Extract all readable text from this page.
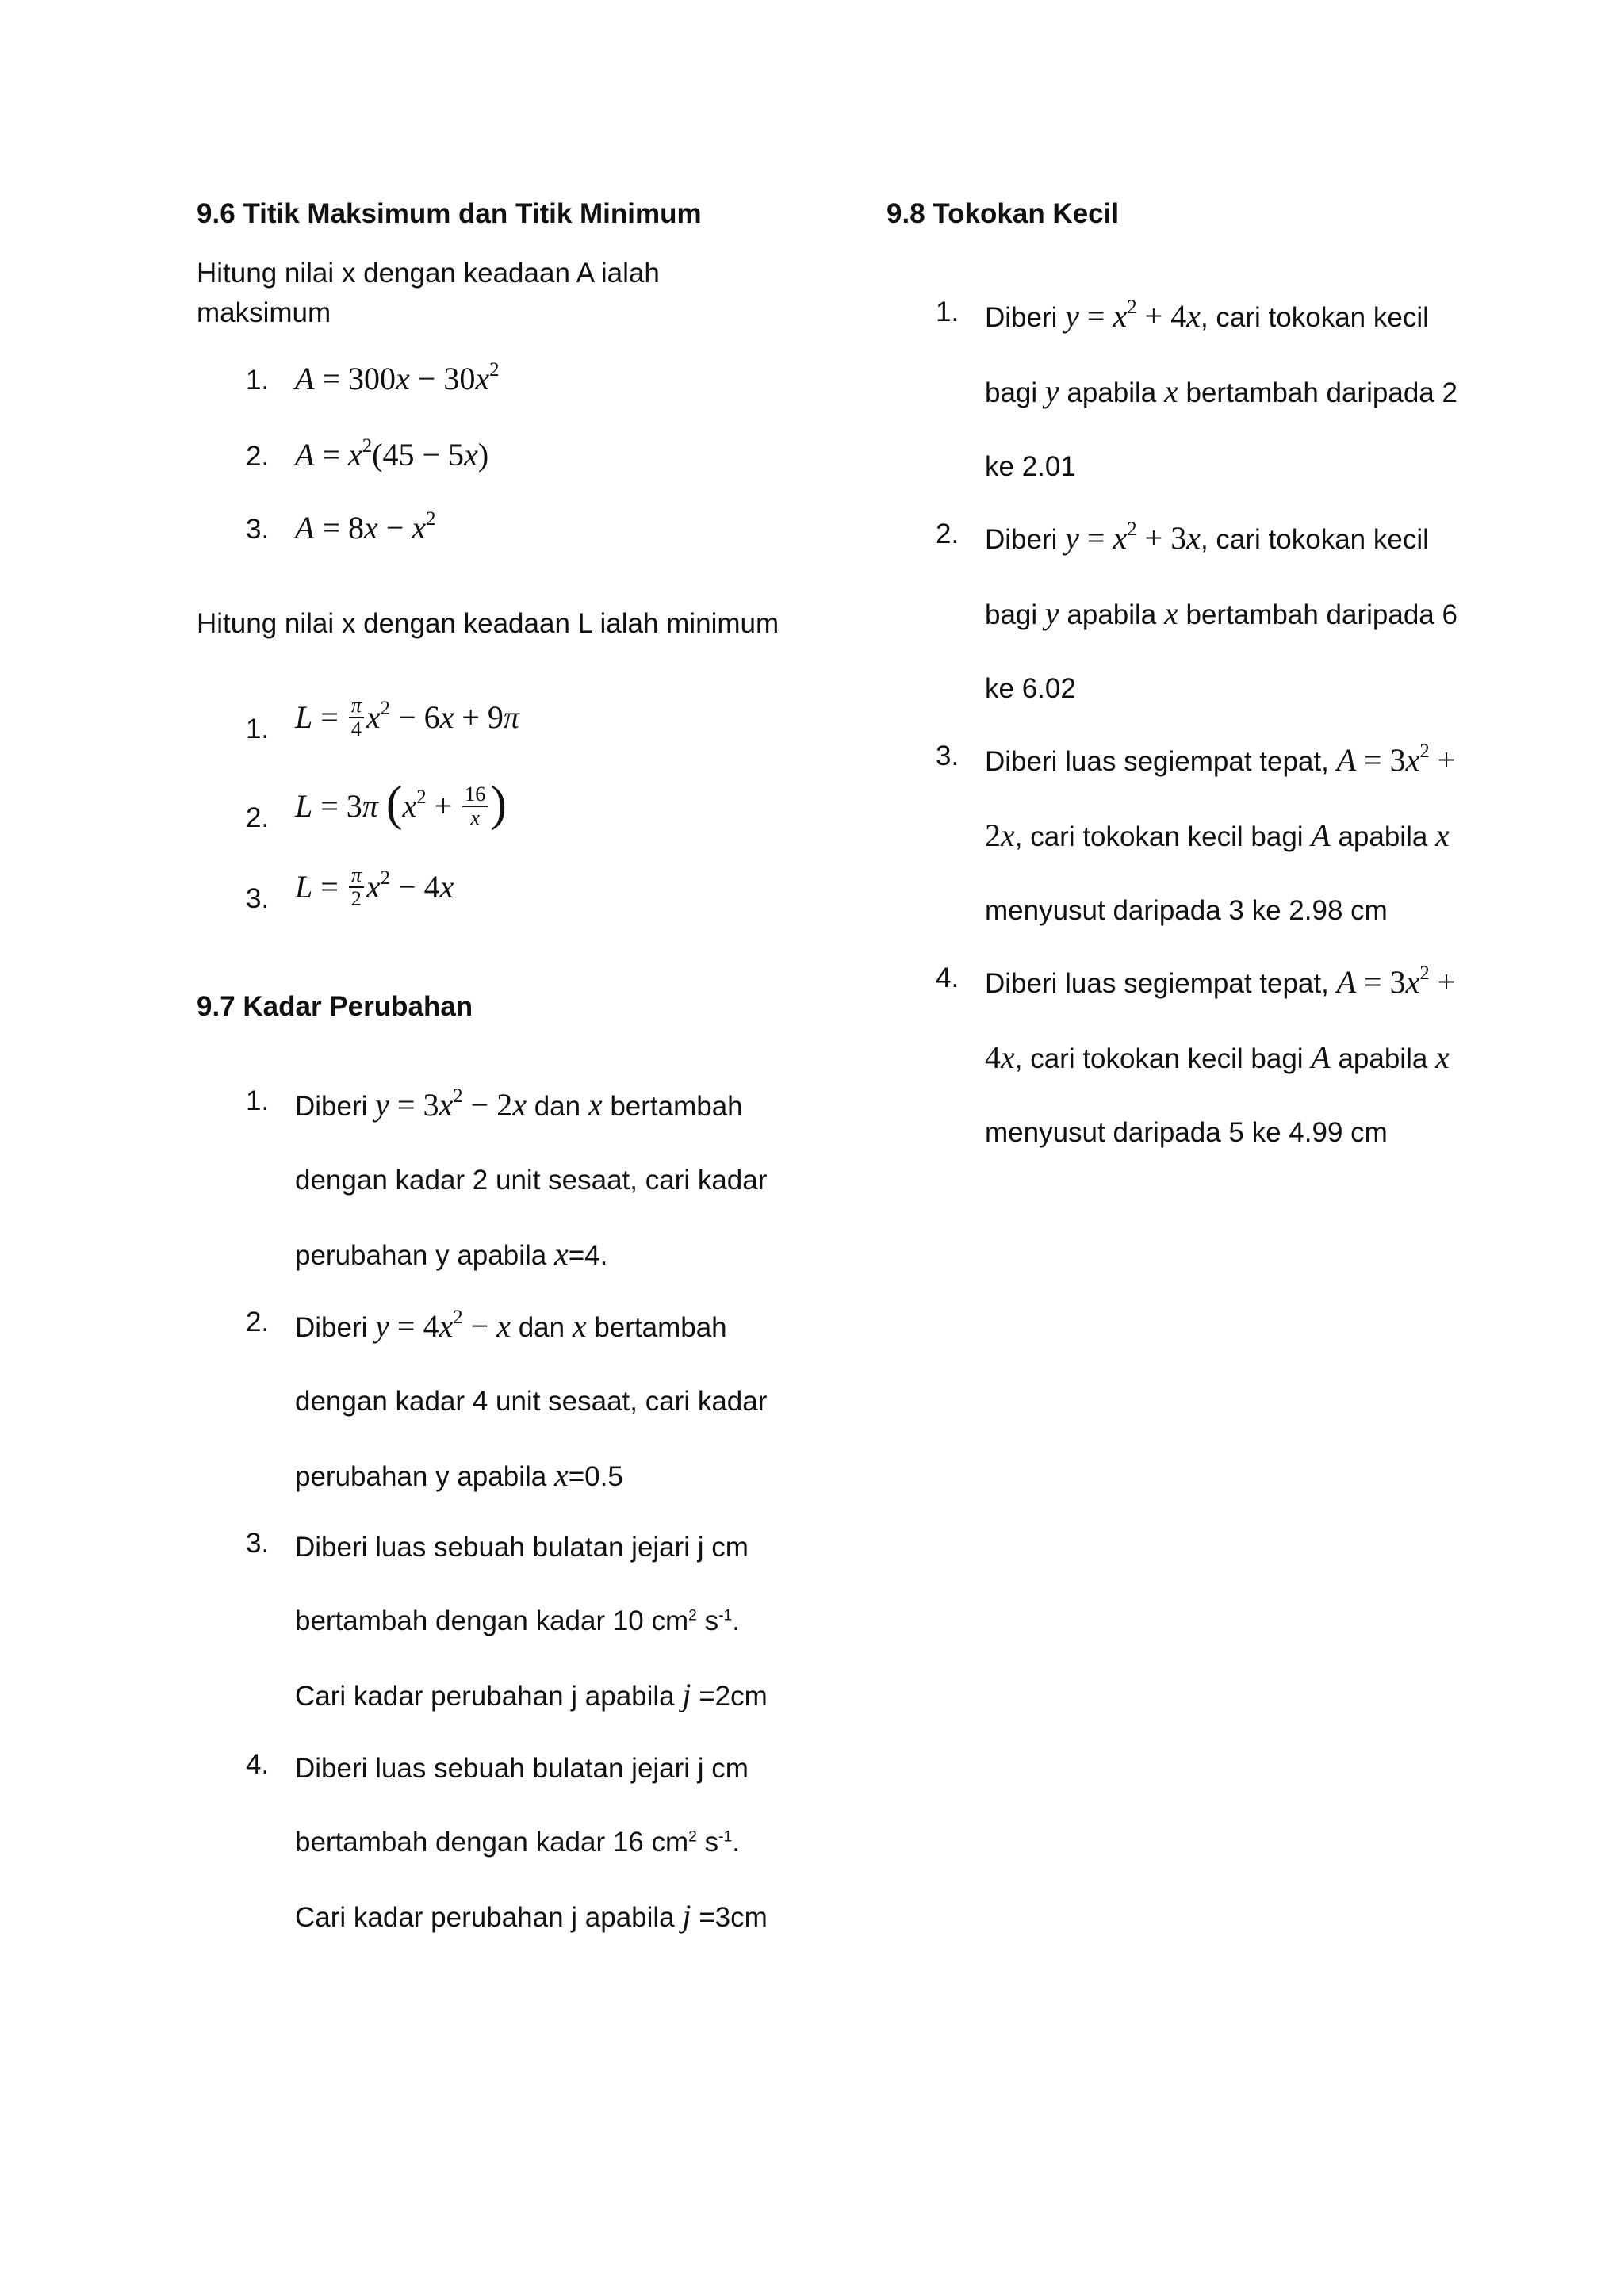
9.6 Titik Maksimum dan Titik Minimum
Hitung nilai x dengan keadaan A ialah
maksimum
1. $A = 300x - 30x^2$
2. $A = x^2(45 - 5x)$
3. $A = 8x - x^2$
Hitung nilai x dengan keadaan L ialah minimum
1. $L = \frac{\pi}{4} x^2 - 6x + 9\pi$
2. L = 3π ($x^2 + \frac{16}{x}$ )
3. $L = \frac{\pi}{2} x^2 - 4x$
9.7 Kadar Perubahan
1. Diberi $y = 3x^2 - 2x$ dan x bertambah
dengan kadar 2 unit sesaat, cari kadar
perubahan y apabila x=4.
2. Diberi $y = 4x^2 - x$ dan x bertambah
dengan kadar 4 unit sesaat, cari kadar
perubahan y apabila x=0.5
3. Diberi luas sebuah bulatan jejari j cm
bertambah dengan kadar 10 $cm^2$ $s^{-1}$.
Cari kadar perubahan j apabila j =2cm
4. Diberi luas sebuah bulatan jejari j cm
bertambah dengan kadar 16 $cm^2$ $s^{-1}$.
Cari kadar perubahan j apabila j =3cm
9.8 Tokokan Kecil
1. Diberi $y = x^2 + 4x$, cari tokokan kecil
bagi y apabila x bertambah daripada 2
ke 2.01
2. Diberi $y = x^2 + 3x$, cari tokokan kecil
bagi y apabila x bertambah daripada 6
ke 6.02
3. Diberi luas segiempat tepat, $A = 3x^2$ +
2x, cari tokokan kecil bagi A apabila x
menyusut daripada 3 ke 2.98 cm
4. Diberi luas segiempat tepat, $A = 3x^2$ +
4x, cari tokokan kecil bagi A apabila x
menyusut daripada 5 ke 4.99 cm
